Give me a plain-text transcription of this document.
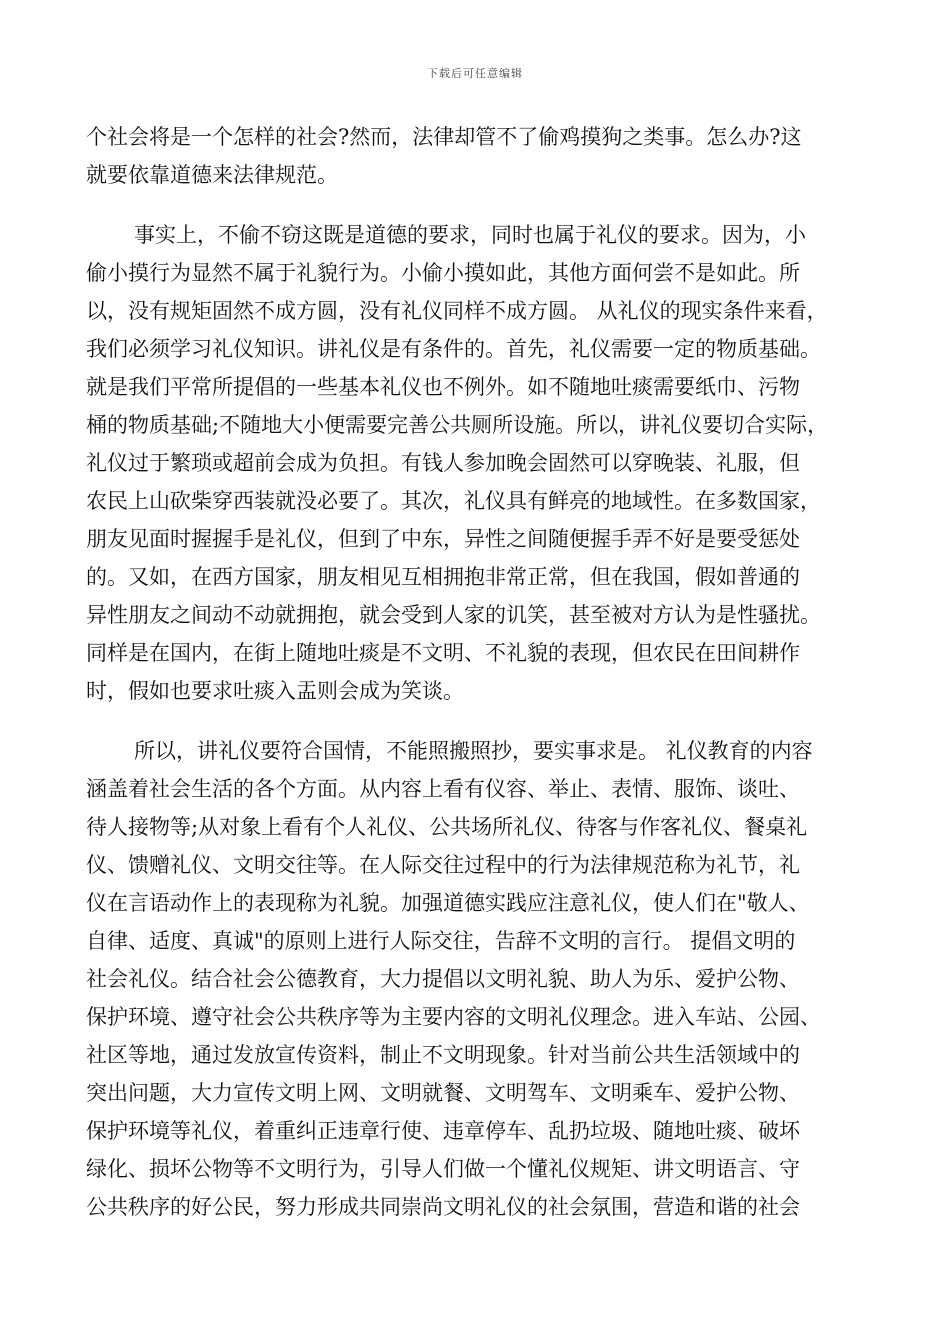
下载后可任意编辑
个社会将是一个怎样的社会?然而，法律却管不了偷鸡摸狗之类事。怎么办?这
就要依靠道德来法律规范。
事实上，不偷不窃这既是道德的要求，同时也属于礼仪的要求。因为，小
偷小摸行为显然不属于礼貌行为。小偷小摸如此，其他方面何尝不是如此。所
以，没有规矩固然不成方圆，没有礼仪同样不成方圆。 从礼仪的现实条件来看，
我们必须学习礼仪知识。讲礼仪是有条件的。首先，礼仪需要一定的物质基础。
就是我们平常所提倡的一些基本礼仪也不例外。如不随地吐痰需要纸巾、污物
桶的物质基础;不随地大小便需要完善公共厕所设施。所以，讲礼仪要切合实际，
礼仪过于繁琐或超前会成为负担。有钱人参加晚会固然可以穿晚装、礼服，但
农民上山砍柴穿西装就没必要了。其次，礼仪具有鲜亮的地域性。在多数国家，
朋友见面时握握手是礼仪，但到了中东，异性之间随便握手弄不好是要受惩处
的。又如，在西方国家，朋友相见互相拥抱非常正常，但在我国，假如普通的
异性朋友之间动不动就拥抱，就会受到人家的讥笑，甚至被对方认为是性骚扰。
同样是在国内，在街上随地吐痰是不文明、不礼貌的表现，但农民在田间耕作
时，假如也要求吐痰入盂则会成为笑谈。
所以，讲礼仪要符合国情，不能照搬照抄，要实事求是。 礼仪教育的内容
涵盖着社会生活的各个方面。从内容上看有仪容、举止、表情、服饰、谈吐、
待人接物等;从对象上看有个人礼仪、公共场所礼仪、待客与作客礼仪、餐桌礼
仪、馈赠礼仪、文明交往等。在人际交往过程中的行为法律规范称为礼节，礼
仪在言语动作上的表现称为礼貌。加强道德实践应注意礼仪，使人们在"敬人、
自律、适度、真诚"的原则上进行人际交往，告辞不文明的言行。 提倡文明的
社会礼仪。结合社会公德教育，大力提倡以文明礼貌、助人为乐、爱护公物、
保护环境、遵守社会公共秩序等为主要内容的文明礼仪理念。进入车站、公园、
社区等地，通过发放宣传资料，制止不文明现象。针对当前公共生活领域中的
突出问题，大力宣传文明上网、文明就餐、文明驾车、文明乘车、爱护公物、
保护环境等礼仪，着重纠正违章行使、违章停车、乱扔垃圾、随地吐痰、破坏
绿化、损坏公物等不文明行为，引导人们做一个懂礼仪规矩、讲文明语言、守
公共秩序的好公民，努力形成共同崇尚文明礼仪的社会氛围，营造和谐的社会
